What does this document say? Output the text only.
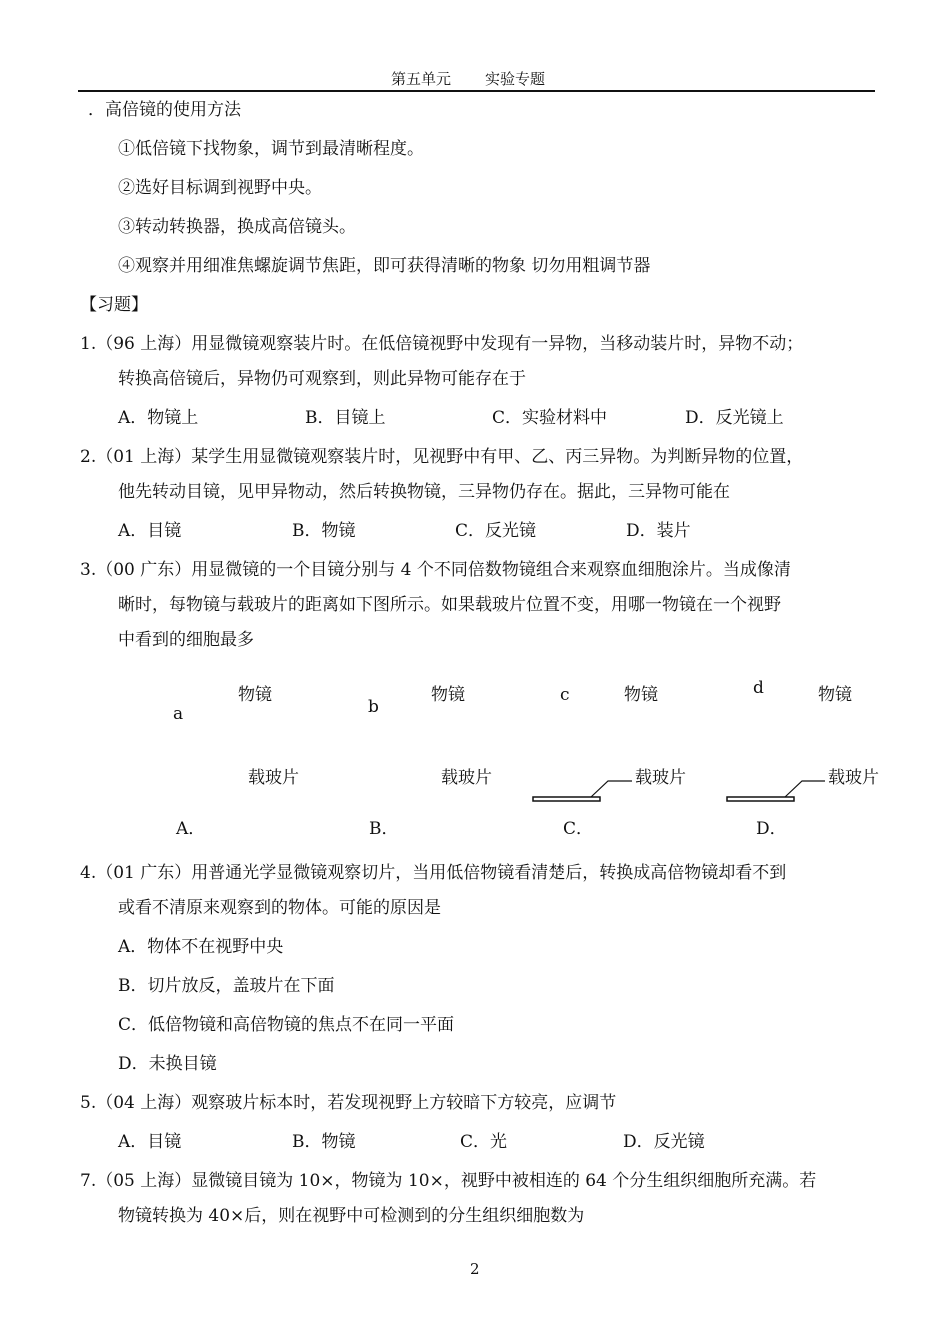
第五单元 实验专题
．高倍镜的使用方法
①低倍镜下找物象，调节到最清晰程度。
②选好目标调到视野中央。
③转动转换器，换成高倍镜头。
④观察并用细准焦螺旋调节焦距，即可获得清晰的物象 切勿用粗调节器
【习题】
1.（96 上海）用显微镜观察装片时。在低倍镜视野中发现有一异物，当移动装片时，异物不动；
转换高倍镜后，异物仍可观察到，则此异物可能存在于
A．物镜上	B．目镜上	C．实验材料中	D．反光镜上
2.（01 上海）某学生用显微镜观察装片时，见视野中有甲、乙、丙三异物。为判断异物的位置，
他先转动目镜，见甲异物动，然后转换物镜，三异物仍存在。据此，三异物可能在
A．目镜	B．物镜	C．反光镜	D．装片
3.（00 广东）用显微镜的一个目镜分别与 4 个不同倍数物镜组合来观察血细胞涂片。当成像清
晰时，每物镜与载玻片的距离如下图所示。如果载玻片位置不变，用哪一物镜在一个视野
中看到的细胞最多
a	b
c	d
物镜	物镜	物镜	物镜
载玻片	载玻片	载玻片	载玻片
A．	B．	C．	D．
4.（01 广东）用普通光学显微镜观察切片，当用低倍物镜看清楚后，转换成高倍物镜却看不到
或看不清原来观察到的物体。可能的原因是
A．物体不在视野中央
B．切片放反，盖玻片在下面
C．低倍物镜和高倍物镜的焦点不在同一平面
D．未换目镜
5.（04 上海）观察玻片标本时，若发现视野上方较暗下方较亮，应调节
A．目镜	B．物镜	C．光	D．反光镜
7.（05 上海）显微镜目镜为 10×，物镜为 10×，视野中被相连的 64 个分生组织细胞所充满。若
物镜转换为 40×后，则在视野中可检测到的分生组织细胞数为
2
